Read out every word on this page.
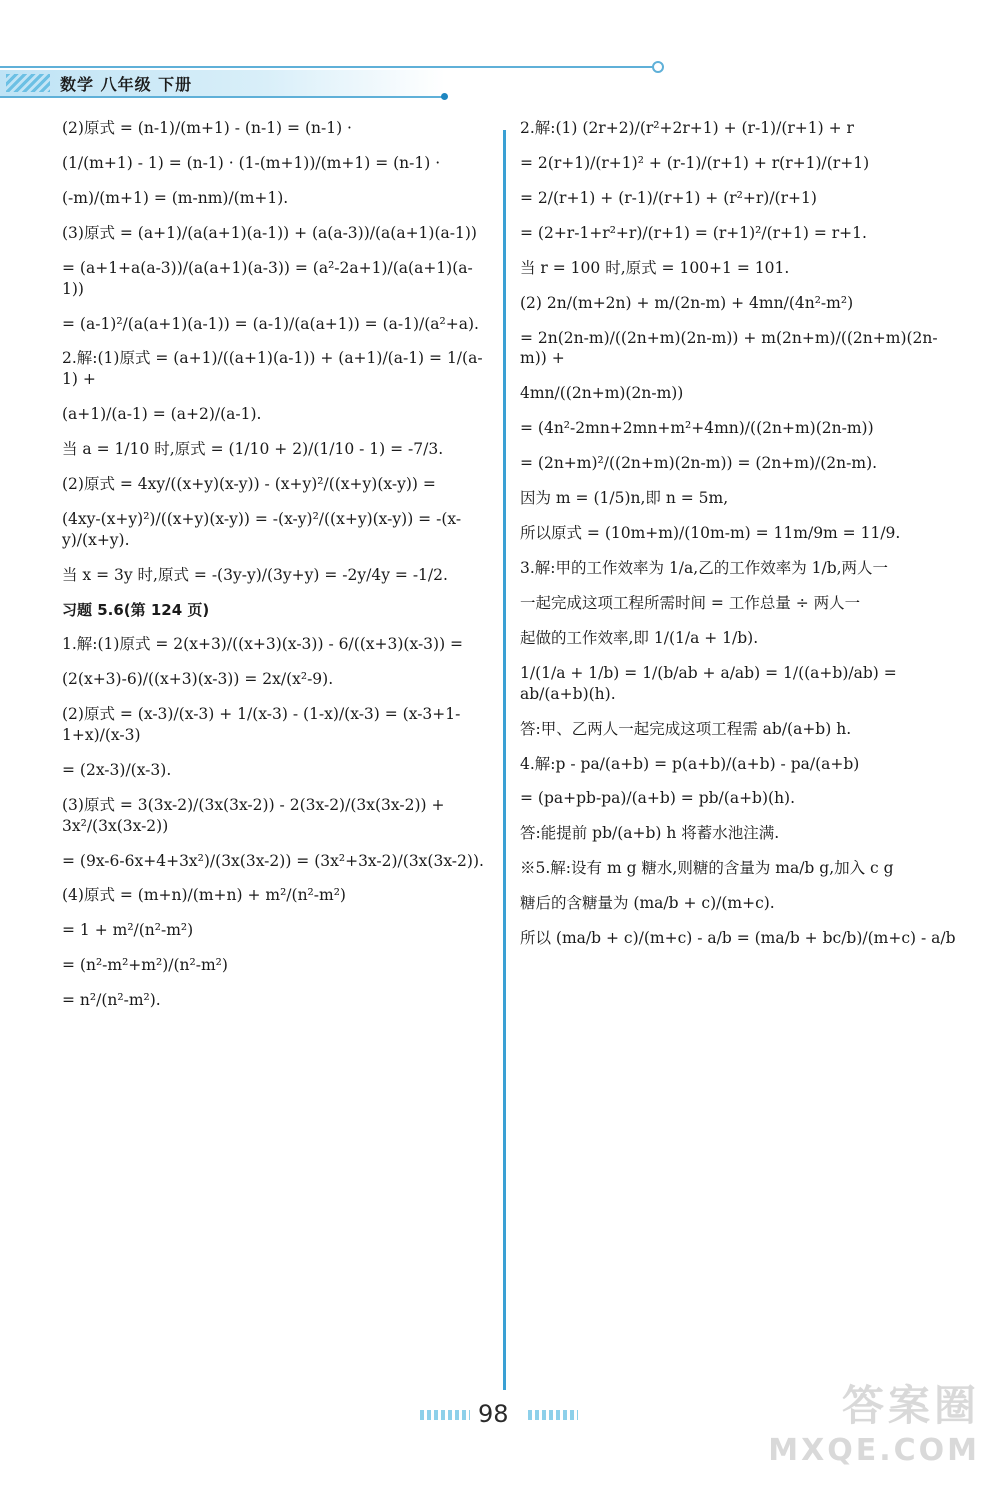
数学 八年级 下册
(2)原式 = (n-1)/(m+1) - (n-1) = (n-1) ·
(1/(m+1) - 1) = (n-1) · (1-(m+1))/(m+1) = (n-1) ·
(-m)/(m+1) = (m-nm)/(m+1).
(3)原式 = (a+1)/(a(a+1)(a-1)) + (a(a-3))/(a(a+1)(a-1))
= (a+1+a(a-3))/(a(a+1)(a-3)) = (a²-2a+1)/(a(a+1)(a-1))
= (a-1)²/(a(a+1)(a-1)) = (a-1)/(a(a+1)) = (a-1)/(a²+a).
2.解:(1)原式 = (a+1)/((a+1)(a-1)) + (a+1)/(a-1) = 1/(a-1) +
(a+1)/(a-1) = (a+2)/(a-1).
当 a = 1/10 时,原式 = (1/10 + 2)/(1/10 - 1) = -7/3.
(2)原式 = 4xy/((x+y)(x-y)) - (x+y)²/((x+y)(x-y)) =
(4xy-(x+y)²)/((x+y)(x-y)) = -(x-y)²/((x+y)(x-y)) = -(x-y)/(x+y).
当 x = 3y 时,原式 = -(3y-y)/(3y+y) = -2y/4y = -1/2.
习题 5.6(第 124 页)
1.解:(1)原式 = 2(x+3)/((x+3)(x-3)) - 6/((x+3)(x-3)) =
(2(x+3)-6)/((x+3)(x-3)) = 2x/(x²-9).
(2)原式 = (x-3)/(x-3) + 1/(x-3) - (1-x)/(x-3) = (x-3+1-1+x)/(x-3)
= (2x-3)/(x-3).
(3)原式 = 3(3x-2)/(3x(3x-2)) - 2(3x-2)/(3x(3x-2)) + 3x²/(3x(3x-2))
= (9x-6-6x+4+3x²)/(3x(3x-2)) = (3x²+3x-2)/(3x(3x-2)).
(4)原式 = (m+n)/(m+n) + m²/(n²-m²)
= 1 + m²/(n²-m²)
= (n²-m²+m²)/(n²-m²)
= n²/(n²-m²).
2.解:(1) (2r+2)/(r²+2r+1) + (r-1)/(r+1) + r
= 2(r+1)/(r+1)² + (r-1)/(r+1) + r(r+1)/(r+1)
= 2/(r+1) + (r-1)/(r+1) + (r²+r)/(r+1)
= (2+r-1+r²+r)/(r+1) = (r+1)²/(r+1) = r+1.
当 r = 100 时,原式 = 100+1 = 101.
(2) 2n/(m+2n) + m/(2n-m) + 4mn/(4n²-m²)
= 2n(2n-m)/((2n+m)(2n-m)) + m(2n+m)/((2n+m)(2n-m)) +
4mn/((2n+m)(2n-m))
= (4n²-2mn+2mn+m²+4mn)/((2n+m)(2n-m))
= (2n+m)²/((2n+m)(2n-m)) = (2n+m)/(2n-m).
因为 m = (1/5)n,即 n = 5m,
所以原式 = (10m+m)/(10m-m) = 11m/9m = 11/9.
3.解:甲的工作效率为 1/a,乙的工作效率为 1/b,两人一
一起完成这项工程所需时间 = 工作总量 ÷ 两人一
起做的工作效率,即 1/(1/a + 1/b).
1/(1/a + 1/b) = 1/(b/ab + a/ab) = 1/((a+b)/ab) = ab/(a+b)(h).
答:甲、乙两人一起完成这项工程需 ab/(a+b) h.
4.解:p - pa/(a+b) = p(a+b)/(a+b) - pa/(a+b)
= (pa+pb-pa)/(a+b) = pb/(a+b)(h).
答:能提前 pb/(a+b) h 将蓄水池注满.
※5.解:设有 m g 糖水,则糖的含量为 ma/b g,加入 c g
糖后的含糖量为 (ma/b + c)/(m+c).
所以 (ma/b + c)/(m+c) - a/b = (ma/b + bc/b)/(m+c) - a/b
98	答案圈
MXQE.COM
